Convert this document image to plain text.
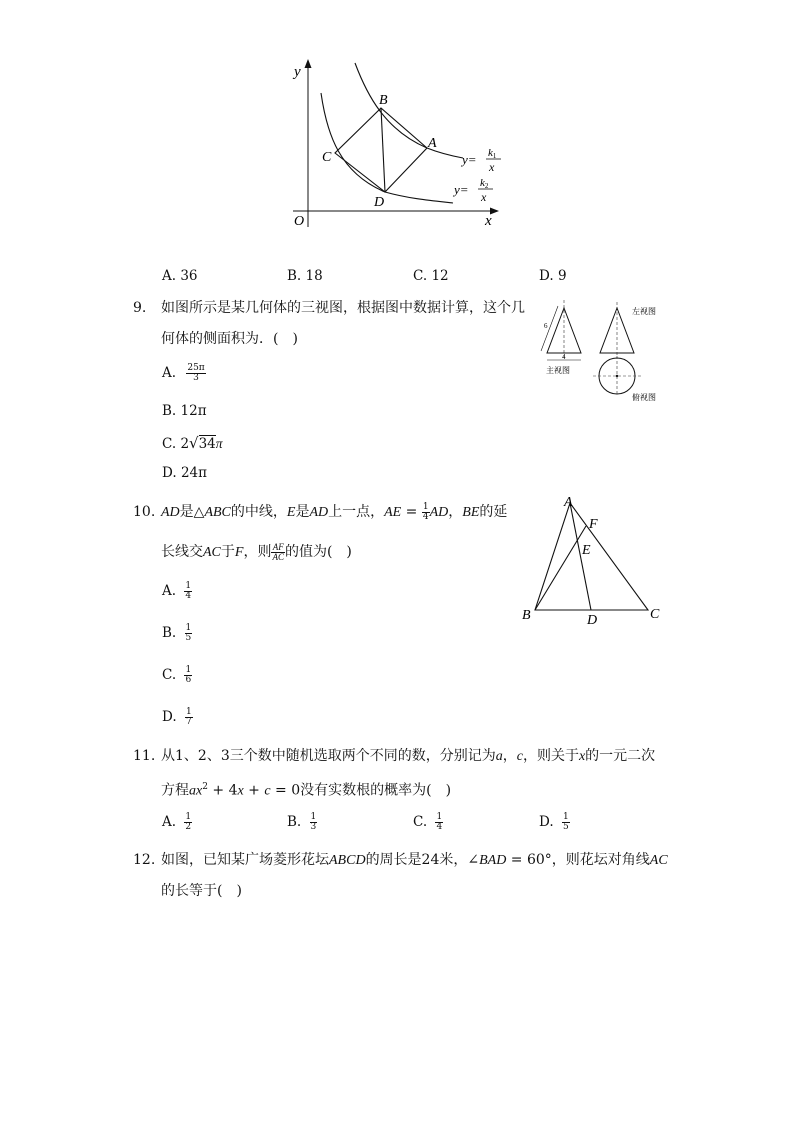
y
x
O
B
A
C
D
y= k1
x
y= k2
x
A. 36	B. 18	C. 12	D. 9
9. 如图所示是某几何体的三视图，根据图中数据计算，这个几
何体的侧面积为．(　)
A. $\frac{25\pi}{3}$
B. 12π
C. 2√34π
D. 24π
6
4
主视图
左视图
俯视图
10. AD是△ABC的中线，E是AD上一点，AE = $\frac{1}{4}$ AD，BE的延
长线交AC于F，则 $\frac{AF}{AC}$ 的值为(　)
A. $\frac{1}{4}$
B. $\frac{1}{5}$
C. $\frac{1}{6}$
D. $\frac{1}{7}$
A
F
E
B	D	C
11. 从1、2、3三个数中随机选取两个不同的数，分别记为a，c，则关于x的一元二次
方程$ax^2 + 4x + c = 0$没有实数根的概率为(　)
A. $\frac{1}{2}$	B. $\frac{1}{3}$	C. $\frac{1}{4}$	D. $\frac{1}{5}$
12. 如图，已知某广场菱形花坛ABCD的周长是24米，∠BAD = 60°，则花坛对角线AC
的长等于(　)
